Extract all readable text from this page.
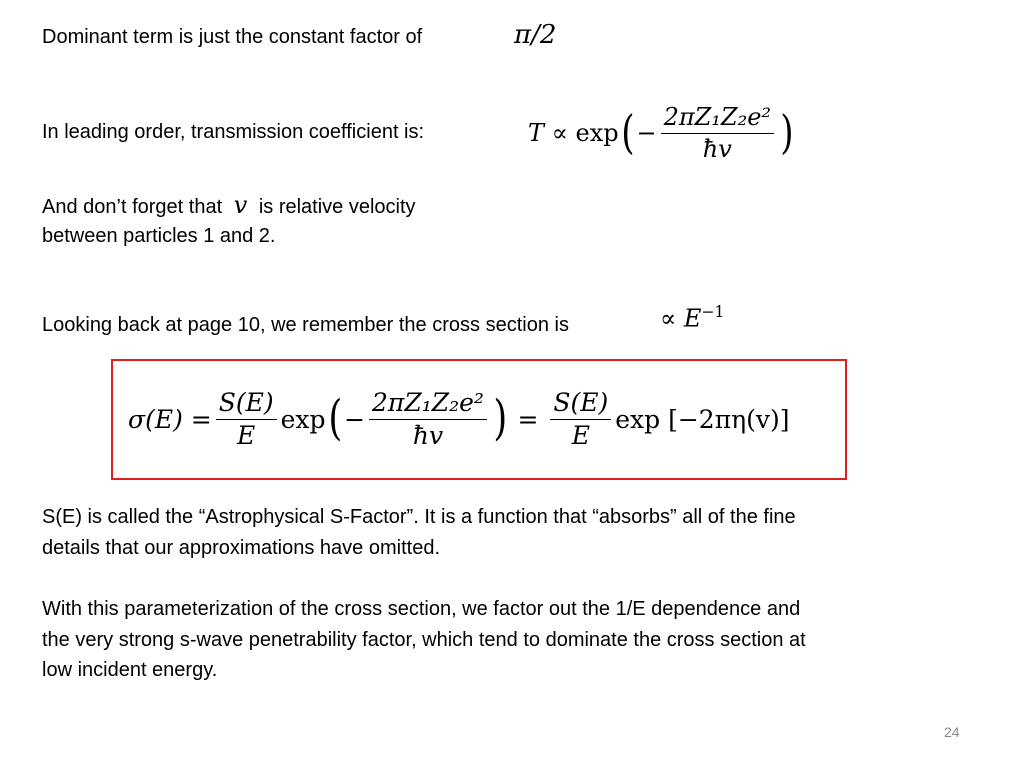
Dominant term is just the constant factor of	π/2
In leading order, transmission coefficient is:	T
∝
exp ( − $\frac{\text{2πZ₁Z₂e²}}{ħv}$ )
And don’t forget that v is relative velocity
between particles 1 and 2.
Looking back at page 10, we remember the cross section is	∝ $E^{-1}$
$\sigma(E) = \frac{S(E)}{E}$ exp ( − $\frac{\text{2πZ₁Z₂e²}}{ħv}$ )
=
$\frac{S(E)}{E}$ exp [−2πη(v)]
S(E) is called the “Astrophysical S-Factor”. It is a function that “absorbs” all of the fine
details that our approximations have omitted.
With this parameterization of the cross section, we factor out the 1/E dependence and
the very strong s-wave penetrability factor, which tend to dominate the cross section at
low incident energy.
24
